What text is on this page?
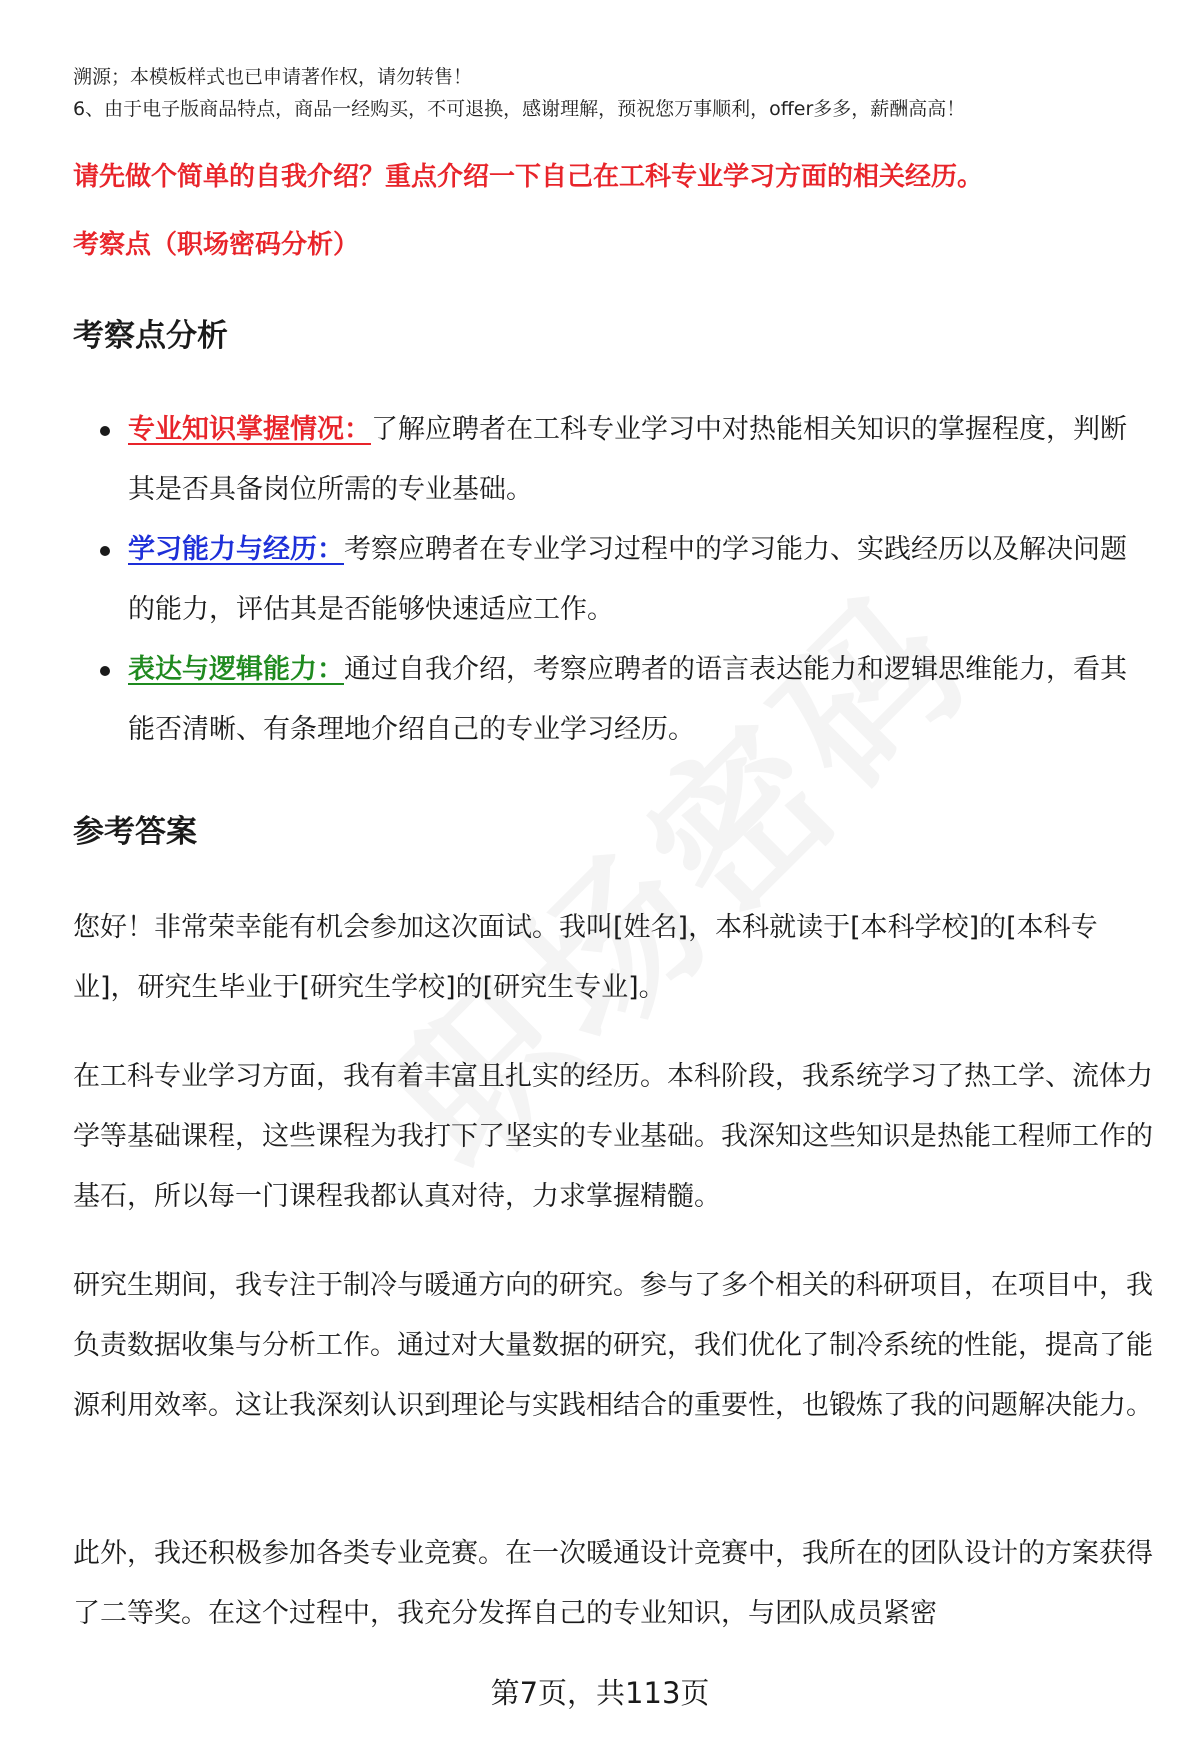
溯源；本模板样式也已申请著作权，请勿转售！
6、由于电子版商品特点，商品一经购买，不可退换，感谢理解，预祝您万事顺利，offer多多，薪酬高高！
请先做个简单的自我介绍？重点介绍一下自己在工科专业学习方面的相关经历。
考察点（职场密码分析）
考察点分析
专业知识掌握情况：了解应聘者在工科专业学习中对热能相关知识的掌握程度，判断其是否具备岗位所需的专业基础。
学习能力与经历：考察应聘者在专业学习过程中的学习能力、实践经历以及解决问题的能力，评估其是否能够快速适应工作。
表达与逻辑能力：通过自我介绍，考察应聘者的语言表达能力和逻辑思维能力，看其能否清晰、有条理地介绍自己的专业学习经历。
参考答案

您好！非常荣幸能有机会参加这次面试。我叫[姓名]，本科就读于[本科学校]的[本科专业]，研究生毕业于[研究生学校]的[研究生专业]。

在工科专业学习方面，我有着丰富且扎实的经历。本科阶段，我系统学习了热工学、流体力学等基础课程，这些课程为我打下了坚实的专业基础。我深知这些知识是热能工程师工作的基石，所以每一门课程我都认真对待，力求掌握精髓。

研究生期间，我专注于制冷与暖通方向的研究。参与了多个相关的科研项目，在项目中，我负责数据收集与分析工作。通过对大量数据的研究，我们优化了制冷系统的性能，提高了能源利用效率。这让我深刻认识到理论与实践相结合的重要性，也锻炼了我的问题解决能力。

此外，我还积极参加各类专业竞赛。在一次暖通设计竞赛中，我所在的团队设计的方案获得了二等奖。在这个过程中，我充分发挥自己的专业知识，与团队成员紧密

第7页，共113页
